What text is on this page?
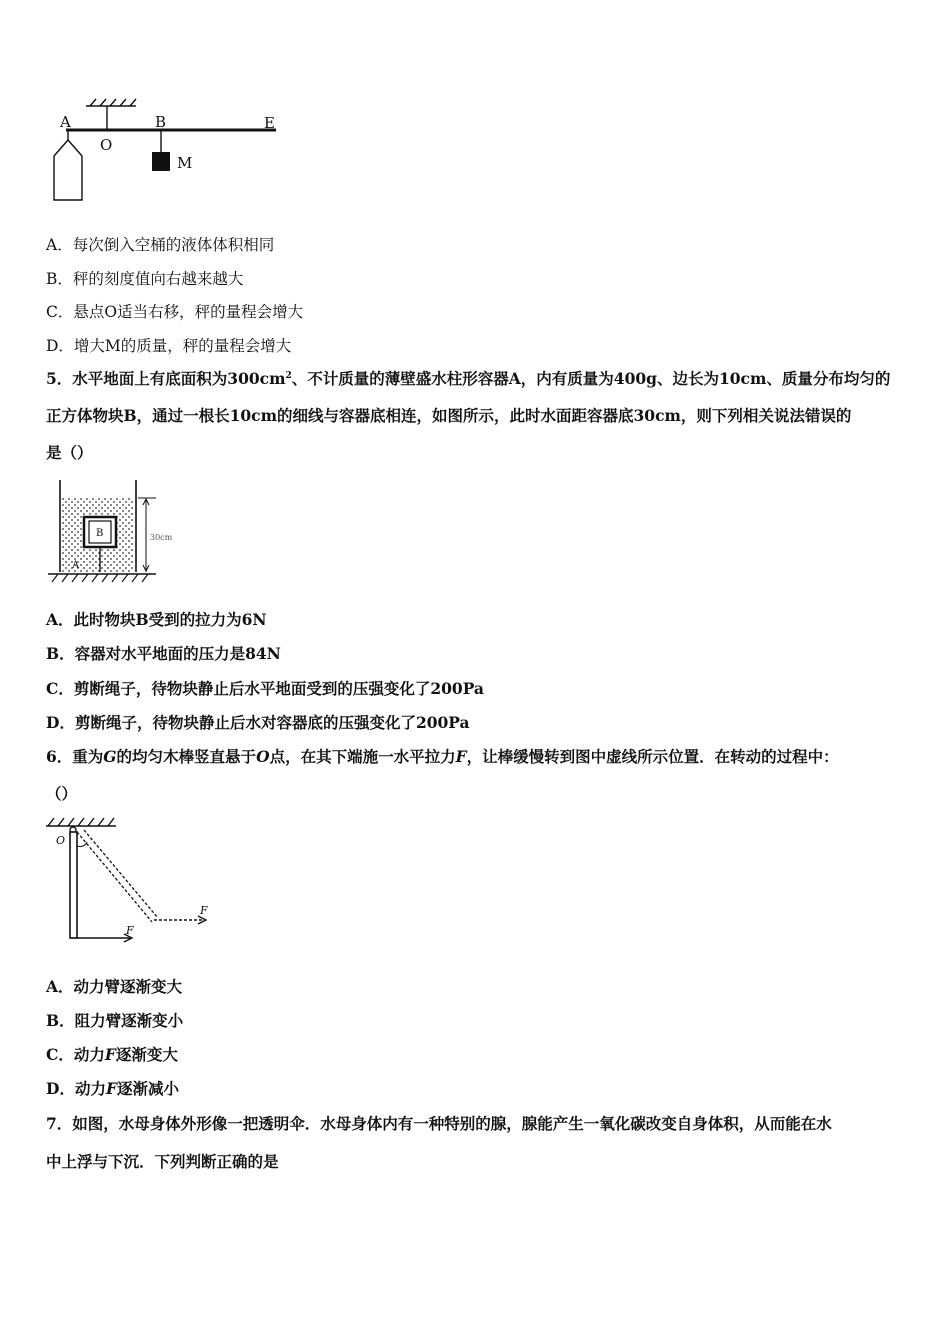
A
O
B	E
M
A．每次倒入空桶的液体体积相同
B．秤的刻度值向右越来越大
C．悬点O适当右移，秤的量程会增大
D．增大M的质量，秤的量程会增大
5．水平地面上有底面积为$300cm^2$、不计质量的薄壁盛水柱形容器A，内有质量为400g、边长为10cm、质量分布均匀的
正方体物块B，通过一根长10cm的细线与容器底相连，如图所示，此时水面距容器底30cm，则下列相关说法错误的
是（）
B
A
30cm
A．此时物块B受到的拉力为6N
B．容器对水平地面的压力是84N
C．剪断绳子，待物块静止后水平地面受到的压强变化了200Pa
D．剪断绳子，待物块静止后水对容器底的压强变化了200Pa
6．重为G的均匀木棒竖直悬于O点，在其下端施一水平拉力F，让棒缓慢转到图中虚线所示位置．在转动的过程中：
（）
O
F
F
A．动力臂逐渐变大
B．阻力臂逐渐变小
C．动力F逐渐变大
D．动力F逐渐减小
7．如图，水母身体外形像一把透明伞．水母身体内有一种特别的腺，腺能产生一氧化碳改变自身体积，从而能在水
中上浮与下沉．下列判断正确的是
